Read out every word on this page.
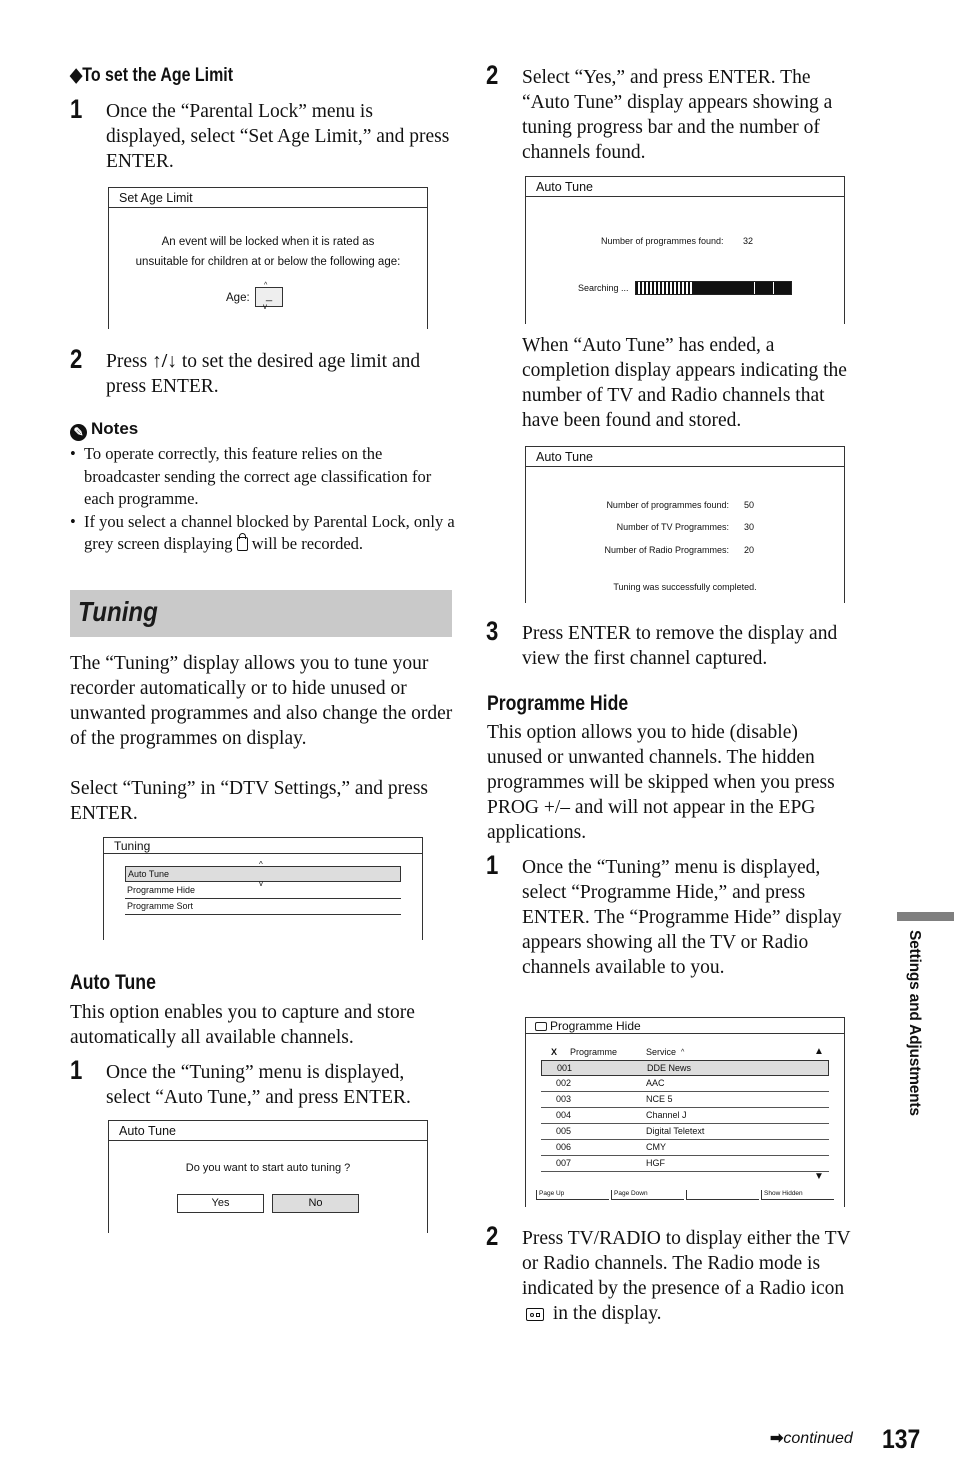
◆To set the Age Limit
1 Once the “Parental Lock” menu is displayed, select “Set Age Limit,” and press ENTER.
Set Age Limit
An event will be locked when it is rated as
unsuitable for children at or below the following age:
Age:	_
^
v
2 Press ↑/↓ to set the desired age limit and press ENTER.
✎ Notes
• To operate correctly, this feature relies on the broadcaster sending the correct age classification for each programme.
• If you select a channel blocked by Parental Lock, only a grey screen displaying will be recorded.
Tuning
The “Tuning” display allows you to tune your recorder automatically or to hide unused or unwanted programmes and also change the order of the programmes on display.
Select “Tuning” in “DTV Settings,” and press ENTER.
Tuning
Auto Tune
Programme Hide
Programme Sort
^
v
Auto Tune
This option enables you to capture and store automatically all available channels.
1 Once the “Tuning” menu is displayed, select “Auto Tune,” and press ENTER.
Auto Tune
Do you want to start auto tuning ?
Yes	No
2 Select “Yes,” and press ENTER. The “Auto Tune” display appears showing a tuning progress bar and the number of channels found.
Auto Tune
Number of programmes found: 32
Searching ...
When “Auto Tune” has ended, a completion display appears indicating the number of TV and Radio channels that have been found and stored.
Auto Tune
Number of programmes found: 50
Number of TV Programmes: 30
Number of Radio Programmes: 20
Tuning was successfully completed.
3 Press ENTER to remove the display and view the first channel captured.
Programme Hide
This option allows you to hide (disable) unused or unwanted channels. The hidden programmes will be skipped when you press PROG +/– and will not appear in the EPG applications.
1 Once the “Tuning” menu is displayed, select “Programme Hide,” and press ENTER. The “Programme Hide” display appears showing all the TV or Radio channels available to you.
Programme Hide
X Programme	Service ^	▲
001	DDE News
002	AAC
003	NCE 5
004	Channel J
005	Digital Teletext
006	CMY
007	HGF
▼
Page Up	Page Down	Show Hidden
2 Press TV/RADIO to display either the TV or Radio channels. The Radio mode is indicated by the presence of a Radio icon
in the display.
Settings and Adjustments
➡continued 137
